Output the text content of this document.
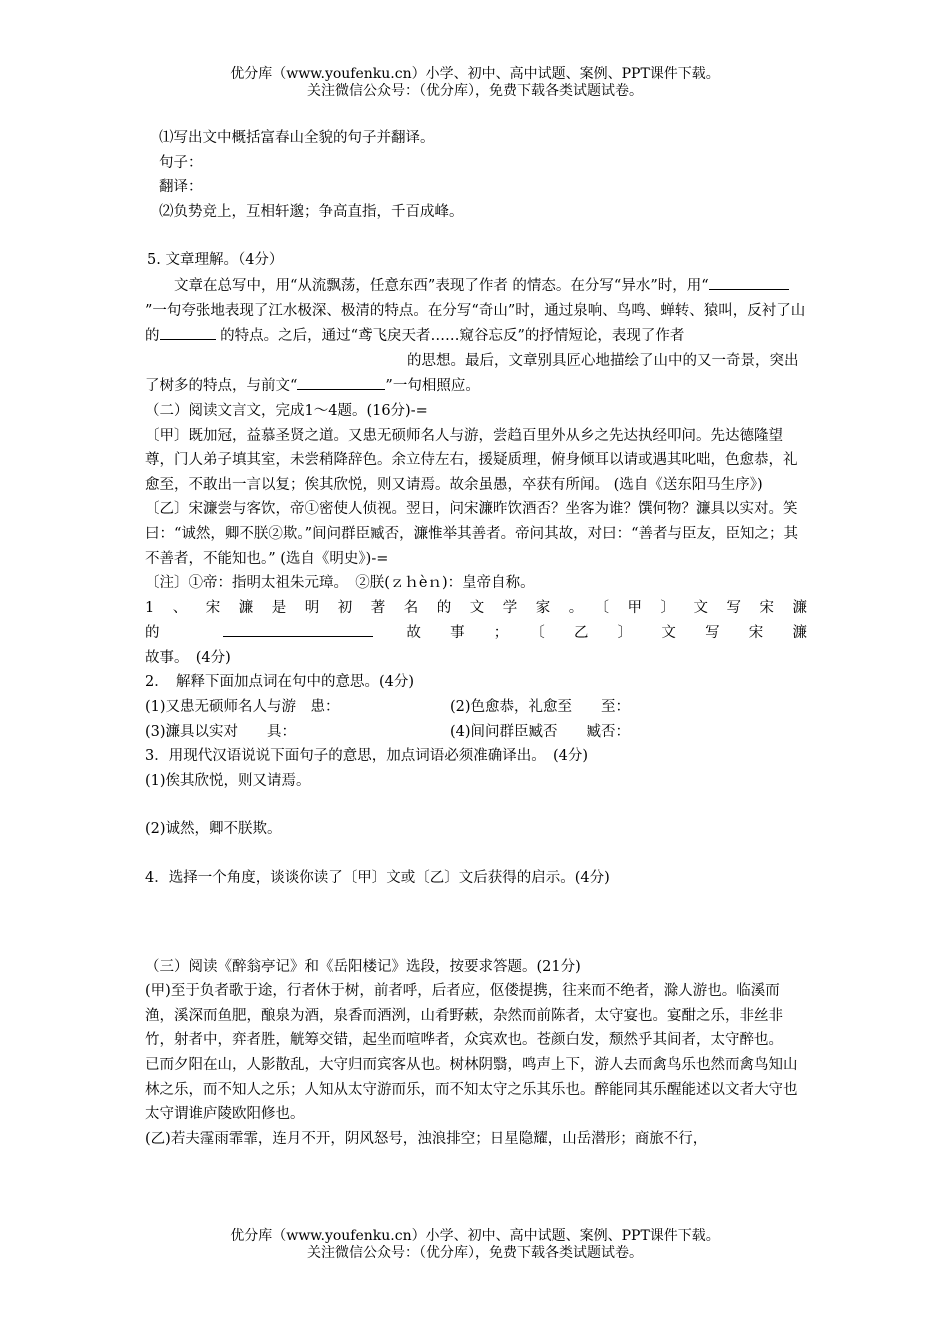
优分库（www.youfenku.cn）小学、初中、高中试题、案例、PPT课件下载。
关注微信公众号：（优分库），免费下载各类试题试卷。

⑴写出文中概括富春山全貌的句子并翻译。

句子：

翻译：

⑵负势竞上，互相轩邈；争高直指，千百成峰。

5. 文章理解。（4分）

文章在总写中，用“从流飘荡，任意东西”表现了作者 的情态。在分写“异水”时，用“”一句夸张地表现了江水极深、极清的特点。在分写“奇山”时，通过泉响、鸟鸣、蝉转、猿叫，反衬了山的	的特点。之后，通过“鸢飞戾天者……窥谷忘反”的抒情短论，表现了作者的思想。最后，文章别具匠心地描绘了山中的又一奇景，突出了树多的特点，与前文“	”一句相照应。

（二）阅读文言文，完成1～4题。(16分)-=

〔甲〕既加冠，益慕圣贤之道。又患无硕师名人与游，尝趋百里外从乡之先达执经叩问。先达德隆望尊，门人弟子填其室，未尝稍降辞色。余立侍左右，援疑质理，俯身倾耳以请或遇其叱咄，色愈恭，礼愈至，不敢出一言以复；俟其欣悦，则又请焉。故余虽愚，卒获有所闻。 (选自《送东阳马生序》)

〔乙〕宋濂尝与客饮，帝①密使人侦视。翌日，问宋濂昨饮酒否？坐客为谁？馔何物？濂具以实对。笑曰：“诚然，卿不朕②欺。”间问群臣臧否，濂惟举其善者。帝问其故，对曰：“善者与臣友，臣知之；其不善者，不能知也。” (选自《明史》)-=

〔注〕①帝：指明太祖朱元璋。　②朕(ｚｈèｎ)：皇帝自称。

1、宋濂是明初著名的文学家。〔甲〕文写宋濂

的	故事；〔乙〕文写宋濂

故事。　(4分)

2．　解释下面加点词在句中的意思。(4分)

(1)又患无硕师名人与游　患：	(2)色愈恭，礼愈至　　至：
(3)濂具以实对　　具：	(4)间问群臣臧否　　臧否：

3．用现代汉语说说下面句子的意思，加点词语必须准确译出。　(4分)

(1)俟其欣悦，则又请焉。

(2)诚然，卿不朕欺。

4．选择一个角度，谈谈你读了〔甲〕文或〔乙〕文后获得的启示。(4分)

（三）阅读《醉翁亭记》和《岳阳楼记》选段，按要求答题。(21分)

(甲)至于负者歌于途，行者休于树，前者呼，后者应，伛偻提携，往来而不绝者，滁人游也。临溪而渔，溪深而鱼肥，酿泉为酒，泉香而酒洌，山肴野蔌，杂然而前陈者，太守宴也。宴酣之乐，非丝非竹，射者中，弈者胜，觥筹交错，起坐而喧哗者，众宾欢也。苍颜白发，颓然乎其间者，太守醉也。

已而夕阳在山，人影散乱，大守归而宾客从也。树林阴翳，鸣声上下，游人去而禽鸟乐也然而禽鸟知山林之乐，而不知人之乐；人知从太守游而乐，而不知太守之乐其乐也。醉能同其乐醒能述以文者大守也太守谓谁庐陵欧阳修也。

(乙)若夫霪雨霏霏，连月不开，阴风怒号，浊浪排空；日星隐耀，山岳潜形；商旅不行，

优分库（www.youfenku.cn）小学、初中、高中试题、案例、PPT课件下载。
关注微信公众号：（优分库），免费下载各类试题试卷。
